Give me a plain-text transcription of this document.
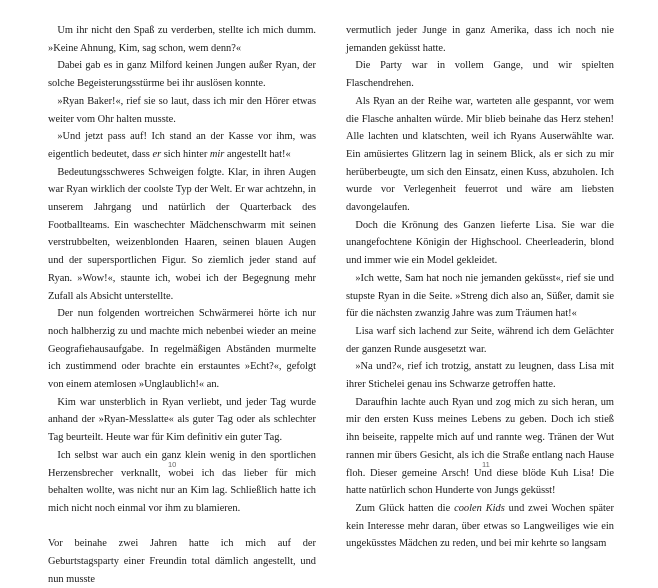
Um ihr nicht den Spaß zu verderben, stellte ich mich dumm. »Keine Ahnung, Kim, sag schon, wem denn?«

Dabei gab es in ganz Milford keinen Jungen außer Ryan, der solche Begeisterungsstürme bei ihr auslösen konnte.

»Ryan Baker!«, rief sie so laut, dass ich mir den Hörer etwas weiter vom Ohr halten musste.

»Und jetzt pass auf! Ich stand an der Kasse vor ihm, was eigentlich bedeutet, dass er sich hinter mir angestellt hat!«

Bedeutungsschweres Schweigen folgte. Klar, in ihren Augen war Ryan wirklich der coolste Typ der Welt. Er war achtzehn, in unserem Jahrgang und natürlich der Quarterback des Footballteams. Ein waschechter Mädchenschwarm mit seinen verstrubbelten, weizenblonden Haaren, seinen blauen Augen und der supersportlichen Figur. So ziemlich jeder stand auf Ryan. »Wow!«, staunte ich, wobei ich der Begegnung mehr Zufall als Absicht unterstellte.

Der nun folgenden wortreichen Schwärmerei hörte ich nur noch halbherzig zu und machte mich nebenbei wieder an meine Geografiehausaufgabe. In regelmäßigen Abständen murmelte ich zustimmend oder brachte ein erstauntes »Echt?«, gefolgt von einem atemlosen »Unglaublich!« an.

Kim war unsterblich in Ryan verliebt, und jeder Tag wurde anhand der »Ryan-Messlatte« als guter Tag oder als schlechter Tag beurteilt. Heute war für Kim definitiv ein guter Tag.

Ich selbst war auch ein ganz klein wenig in den sportlichen Herzensbrecher verknallt, wobei ich das lieber für mich behalten wollte, was nicht nur an Kim lag. Schließlich hatte ich mich nicht noch einmal vor ihm zu blamieren.

Vor beinahe zwei Jahren hatte ich mich auf der Geburtstagsparty einer Freundin total dämlich angestellt, und nun musste

10

vermutlich jeder Junge in ganz Amerika, dass ich noch nie jemanden geküsst hatte.

Die Party war in vollem Gange, und wir spielten Flaschendrehen.

Als Ryan an der Reihe war, warteten alle gespannt, vor wem die Flasche anhalten würde. Mir blieb beinahe das Herz stehen! Alle lachten und klatschten, weil ich Ryans Auserwählte war. Ein amüsiertes Glitzern lag in seinem Blick, als er sich zu mir herüberbeugte, um sich den Einsatz, einen Kuss, abzuholen. Ich wurde vor Verlegenheit feuerrot und wäre am liebsten davongelaufen.

Doch die Krönung des Ganzen lieferte Lisa. Sie war die unangefochtene Königin der Highschool. Cheerleaderin, blond und immer wie ein Model gekleidet.

»Ich wette, Sam hat noch nie jemanden geküsst«, rief sie und stupste Ryan in die Seite. »Streng dich also an, Süßer, damit sie für die nächsten zwanzig Jahre was zum Träumen hat!«

Lisa warf sich lachend zur Seite, während ich dem Gelächter der ganzen Runde ausgesetzt war.

»Na und?«, rief ich trotzig, anstatt zu leugnen, dass Lisa mit ihrer Stichelei genau ins Schwarze getroffen hatte.

Daraufhin lachte auch Ryan und zog mich zu sich heran, um mir den ersten Kuss meines Lebens zu geben. Doch ich stieß ihn beiseite, rappelte mich auf und rannte weg. Tränen der Wut rannen mir übers Gesicht, als ich die Straße entlang nach Hause floh. Dieser gemeine Arsch! Und diese blöde Kuh Lisa! Die hatte natürlich schon Hunderte von Jungs geküsst!

Zum Glück hatten die coolen Kids und zwei Wochen später kein Interesse mehr daran, über etwas so Langweiliges wie ein ungeküsstes Mädchen zu reden, und bei mir kehrte so langsam

11
